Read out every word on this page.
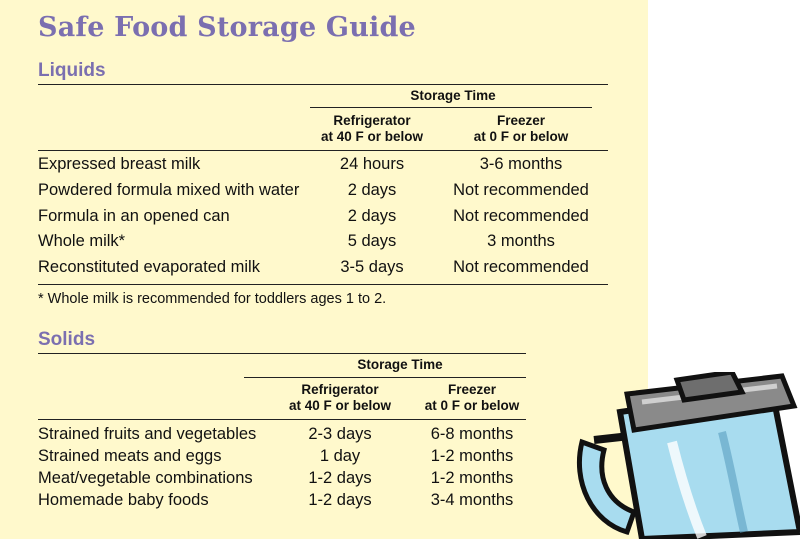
Safe Food Storage Guide
Liquids
Storage Time
Refrigerator
at 40 F or below
Freezer
at 0 F or below
Expressed breast milk	24 hours	3-6 months
Powdered formula mixed with water	2 days	Not recommended
Formula in an opened can	2 days	Not recommended
Whole milk*	5 days	3 months
Reconstituted evaporated milk	3-5 days	Not recommended
* Whole milk is recommended for toddlers ages 1 to 2.
Solids
Storage Time
Refrigerator
at 40 F or below
Freezer
at 0 F or below
Strained fruits and vegetables	2-3 days	6-8 months
Strained meats and eggs	1 day	1-2 months
Meat/vegetable combinations	1-2 days	1-2 months
Homemade baby foods	1-2 days	3-4 months
